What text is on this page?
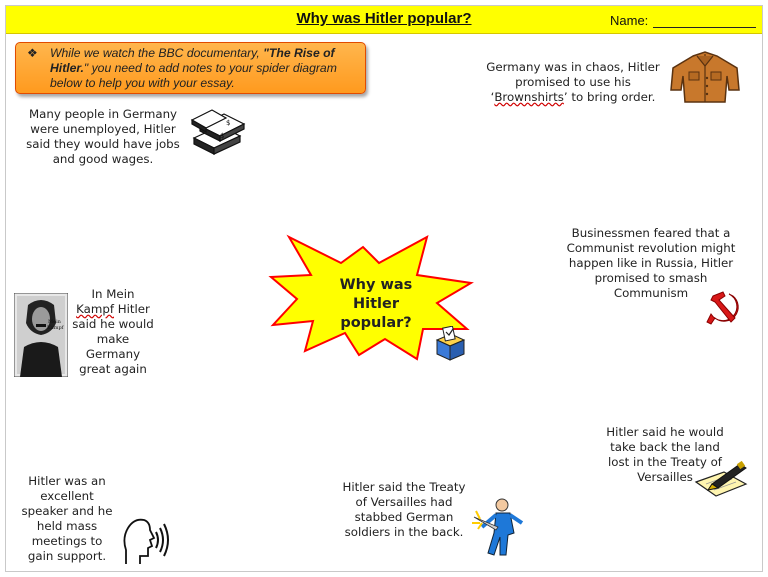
Why was Hitler popular?	Name:
❖ While we watch the BBC documentary, "The Rise of Hitler." you need to add notes to your spider diagram below to help you with your essay.
Why was
Hitler
popular?
Many people in Germany
were unemployed, Hitler
said they would have jobs
and good wages.
$
$
Germany was in chaos, Hitler
promised to use his
‘Brownshirts’ to bring order.
Businessmen feared that a
Communist revolution might
happen like in Russia, Hitler
promised to smash
Communism
Mein
Kampf
In Mein
Kampf Hitler
said he would
make
Germany
great again
Hitler said he would
take back the land
lost in the Treaty of
Versailles
Hitler said the Treaty
of Versailles had
stabbed German
soldiers in the back.
Hitler was an
excellent
speaker and he
held mass
meetings to
gain support.
